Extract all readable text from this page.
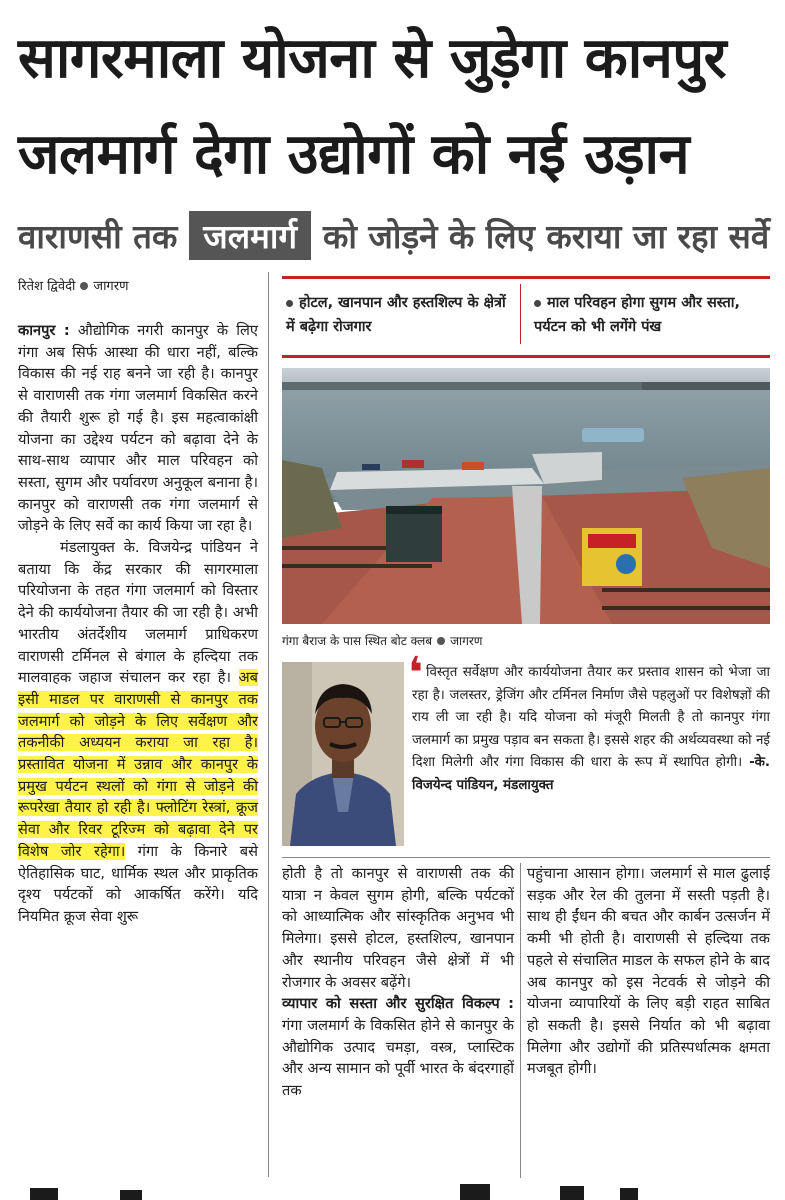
सागरमाला योजना से जुड़ेगा कानपुर
जलमार्ग देगा उद्योगों को नई उड़ान
वाराणसी तक जलमार्ग को जोड़ने के लिए कराया जा रहा सर्वे
रितेश द्विवेदी जागरण

कानपुर : औद्योगिक नगरी कानपुर के लिए गंगा अब सिर्फ आस्था की धारा नहीं, बल्कि विकास की नई राह बनने जा रही है। कानपुर से वाराणसी तक गंगा जलमार्ग विकसित करने की तैयारी शुरू हो गई है। इस महत्वाकांक्षी योजना का उद्देश्य पर्यटन को बढ़ावा देने के साथ-साथ व्यापार और माल परिवहन को सस्ता, सुगम और पर्यावरण अनुकूल बनाना है। कानपुर को वाराणसी तक गंगा जलमार्ग से जोड़ने के लिए सर्वे का कार्य किया जा रहा है।

मंडलायुक्त के. विजयेन्द्र पांडियन ने बताया कि केंद्र सरकार की सागरमाला परियोजना के तहत गंगा जलमार्ग को विस्तार देने की कार्ययोजना तैयार की जा रही है। अभी भारतीय अंतर्देशीय जलमार्ग प्राधिकरण वाराणसी टर्मिनल से बंगाल के हल्दिया तक मालवाहक जहाज संचालन कर रहा है। अब इसी माडल पर वाराणसी से कानपुर तक जलमार्ग को जोड़ने के लिए सर्वेक्षण और तकनीकी अध्ययन कराया जा रहा है। प्रस्तावित योजना में उन्नाव और कानपुर के प्रमुख पर्यटन स्थलों को गंगा से जोड़ने की रूपरेखा तैयार हो रही है। फ्लोटिंग रेस्त्रां, क्रूज सेवा और रिवर टूरिज्म को बढ़ावा देने पर विशेष जोर रहेगा। गंगा के किनारे बसे ऐतिहासिक घाट, धार्मिक स्थल और प्राकृतिक दृश्य पर्यटकों को आकर्षित करेंगे। यदि नियमित क्रूज सेवा शुरू

होटल, खानपान और हस्तशिल्प के क्षेत्रों में बढ़ेगा रोजगार
माल परिवहन होगा सुगम और सस्ता, पर्यटन को भी लगेंगे पंख
गंगा बैराज के पास स्थित बोट क्लब जागरण
❛ विस्तृत सर्वेक्षण और कार्ययोजना तैयार कर प्रस्ताव शासन को भेजा जा रहा है। जलस्तर, ड्रेजिंग और टर्मिनल निर्माण जैसे पहलुओं पर विशेषज्ञों की राय ली जा रही है। यदि योजना को मंजूरी मिलती है तो कानपुर गंगा जलमार्ग का प्रमुख पड़ाव बन सकता है। इससे शहर की अर्थव्यवस्था को नई दिशा मिलेगी और गंगा विकास की धारा के रूप में स्थापित होगी। -के. विजयेन्द पांडियन, मंडलायुक्त

होती है तो कानपुर से वाराणसी तक की यात्रा न केवल सुगम होगी, बल्कि पर्यटकों को आध्यात्मिक और सांस्कृतिक अनुभव भी मिलेगा। इससे होटल, हस्तशिल्प, खानपान और स्थानीय परिवहन जैसे क्षेत्रों में भी रोजगार के अवसर बढ़ेंगे।

व्यापार को सस्ता और सुरक्षित विकल्प : गंगा जलमार्ग के विकसित होने से कानपुर के औद्योगिक उत्पाद चमड़ा, वस्त्र, प्लास्टिक और अन्य सामान को पूर्वी भारत के बंदरगाहों तक

पहुंचाना आसान होगा। जलमार्ग से माल ढुलाई सड़क और रेल की तुलना में सस्ती पड़ती है। साथ ही ईंधन की बचत और कार्बन उत्सर्जन में कमी भी होती है। वाराणसी से हल्दिया तक पहले से संचालित माडल के सफल होने के बाद अब कानपुर को इस नेटवर्क से जोड़ने की योजना व्यापारियों के लिए बड़ी राहत साबित हो सकती है। इससे निर्यात को भी बढ़ावा मिलेगा और उद्योगों की प्रतिस्पर्धात्मक क्षमता मजबूत होगी।
